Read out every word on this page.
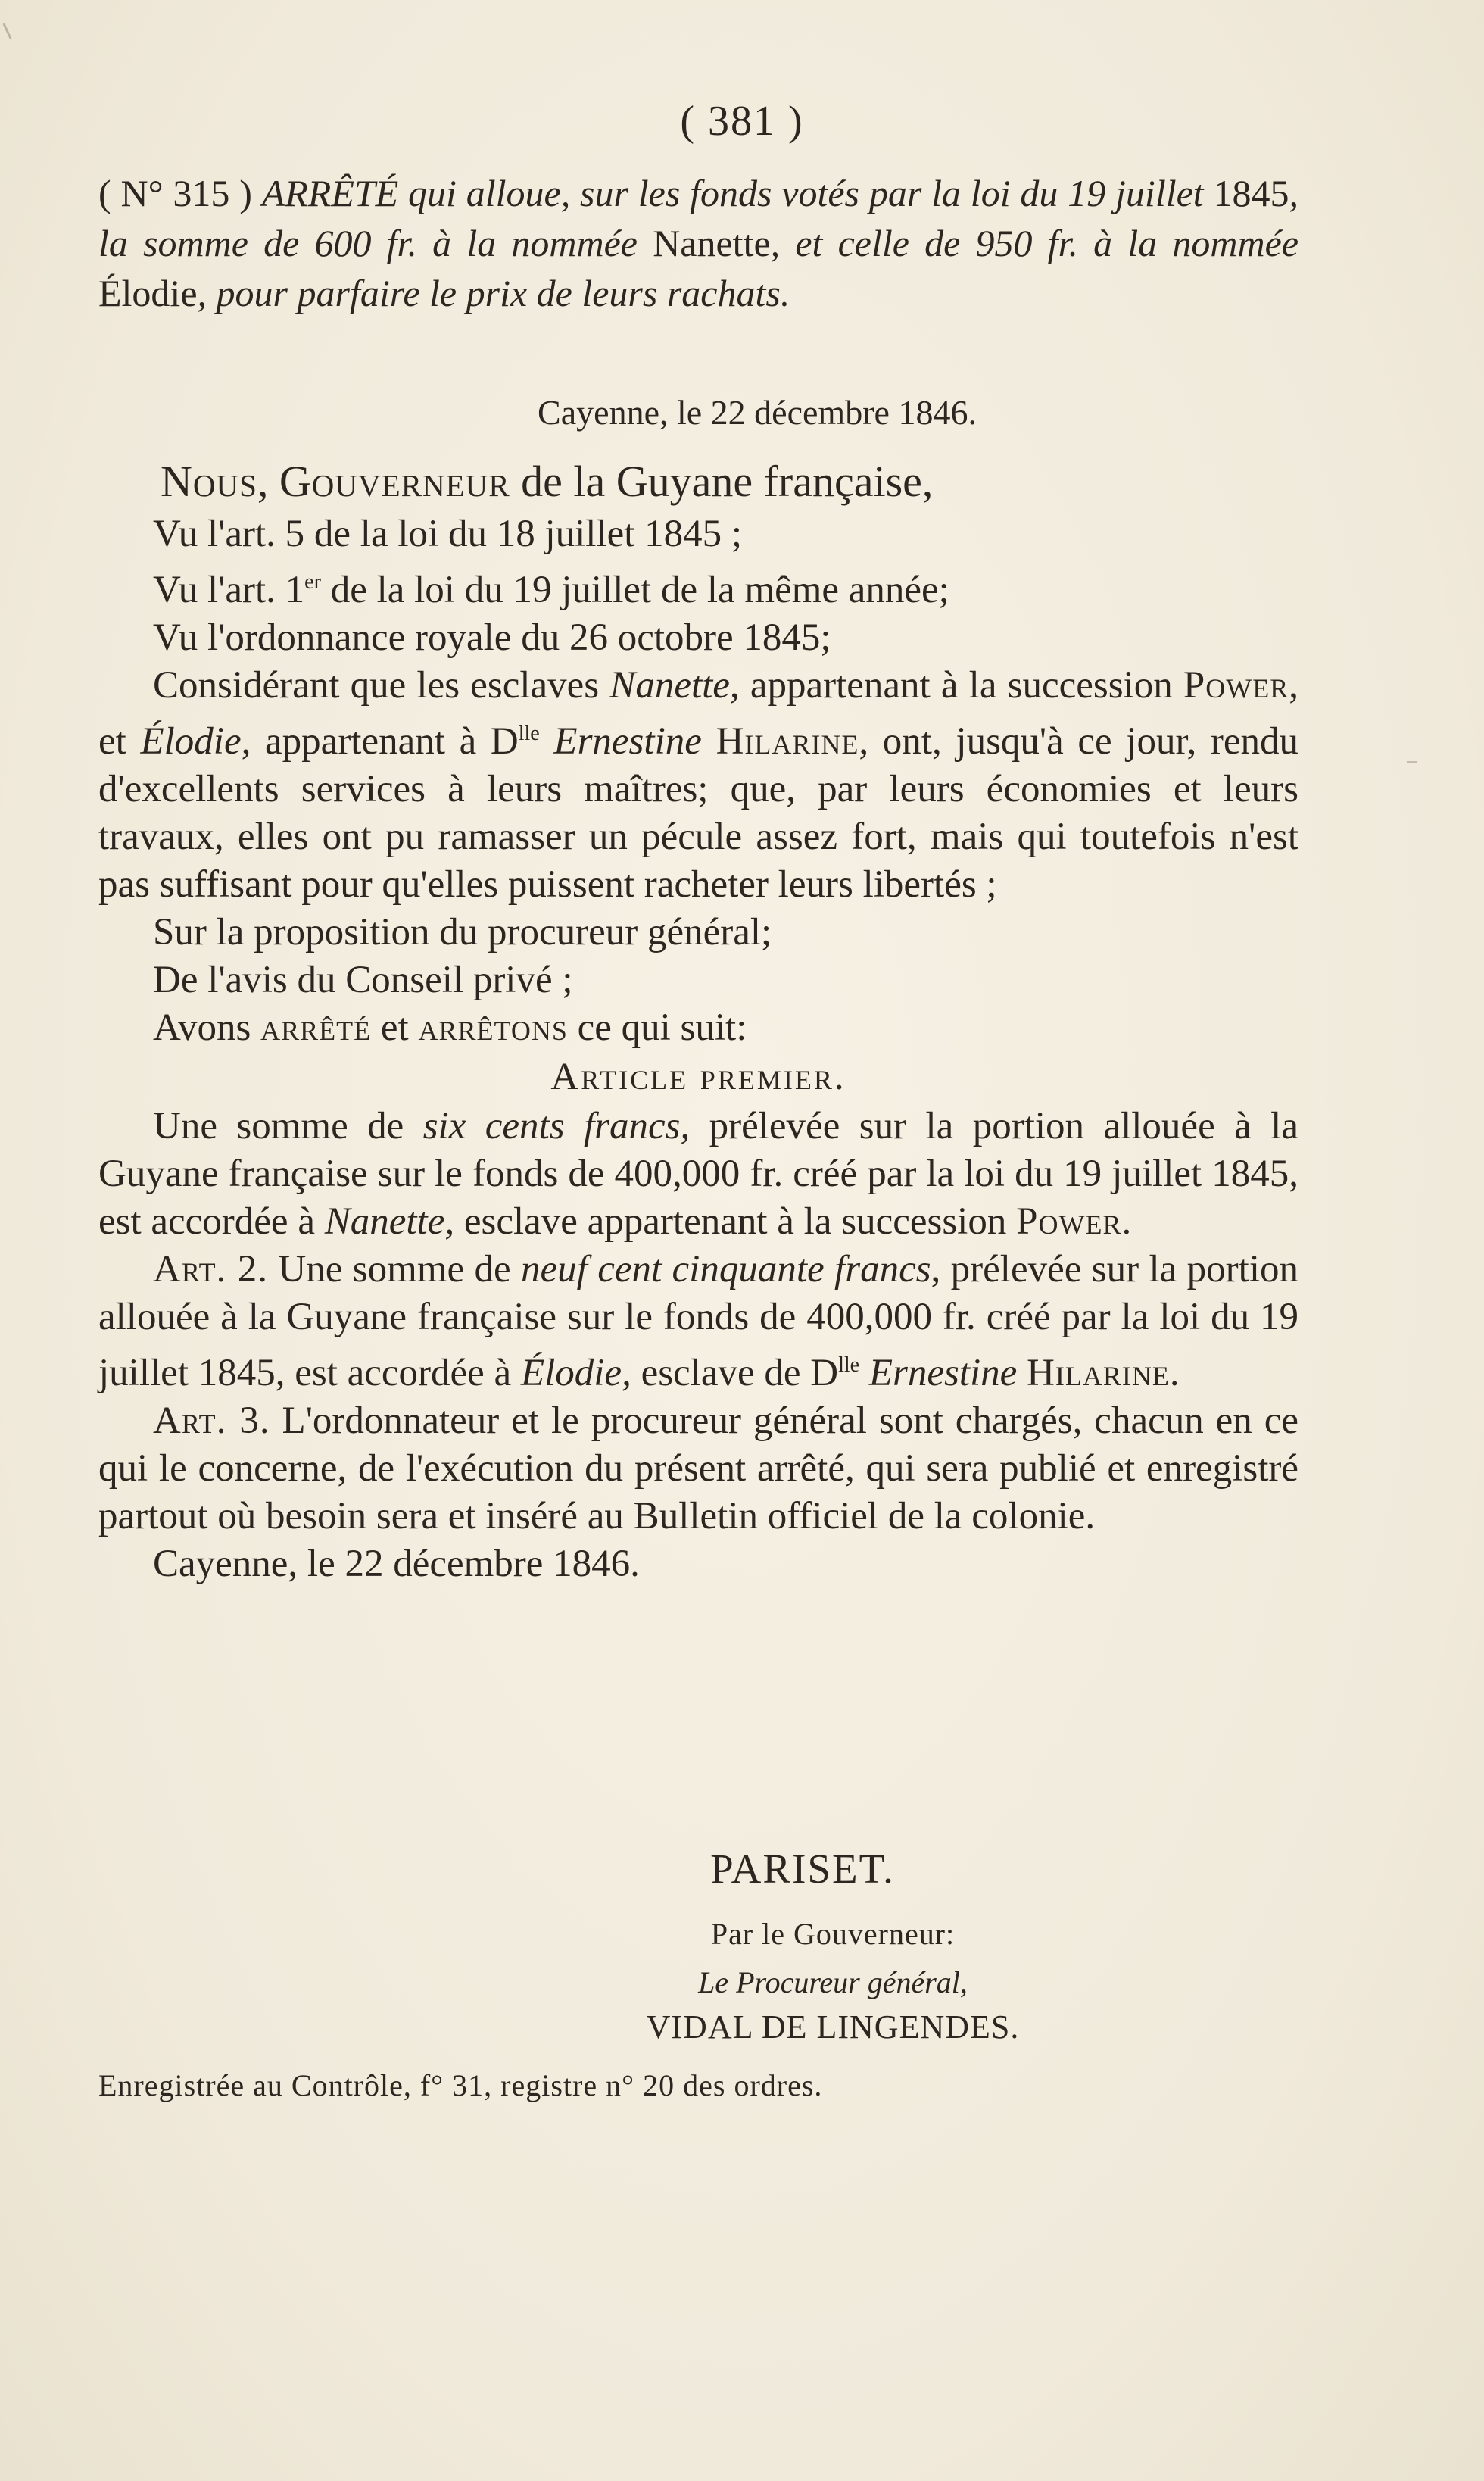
( 381 )
( N° 315 ) ARRÊTÉ qui alloue, sur les fonds votés par la loi du 19 juillet 1845, la somme de 600 fr. à la nommée Nanette, et celle de 950 fr. à la nommée Élodie, pour parfaire le prix de leurs rachats.
Cayenne, le 22 décembre 1846.

Nous, Gouverneur de la Guyane française,

Vu l'art. 5 de la loi du 18 juillet 1845 ;

Vu l'art. 1er de la loi du 19 juillet de la même année;

Vu l'ordonnance royale du 26 octobre 1845;

Considérant que les esclaves Nanette, appartenant à la succession Power, et Élodie, appartenant à $D^{lle}$ Ernestine Hilarine, ont, jusqu'à ce jour, rendu d'excellents services à leurs maîtres; que, par leurs économies et leurs travaux, elles ont pu ramasser un pécule assez fort, mais qui toutefois n'est pas suffisant pour qu'elles puissent racheter leurs libertés ;

Sur la proposition du procureur général;

De l'avis du Conseil privé ;

Avons arrêté et arrêtons ce qui suit:

Article premier.

Une somme de six cents francs, prélevée sur la portion allouée à la Guyane française sur le fonds de 400,000 fr. créé par la loi du 19 juillet 1845, est accordée à Nanette, esclave appartenant à la succession Power.

Art. 2. Une somme de neuf cent cinquante francs, prélevée sur la portion allouée à la Guyane française sur le fonds de 400,000 fr. créé par la loi du 19 juillet 1845, est accordée à Élodie, esclave de $D^{lle}$ Ernestine Hilarine.

Art. 3. L'ordonnateur et le procureur général sont chargés, chacun en ce qui le concerne, de l'exécution du présent arrêté, qui sera publié et enregistré partout où besoin sera et inséré au Bulletin officiel de la colonie.

Cayenne, le 22 décembre 1846.

PARISET.
Par le Gouverneur:
Le Procureur général,
VIDAL DE LINGENDES.
Enregistrée au Contrôle, f° 31, registre n° 20 des ordres.
